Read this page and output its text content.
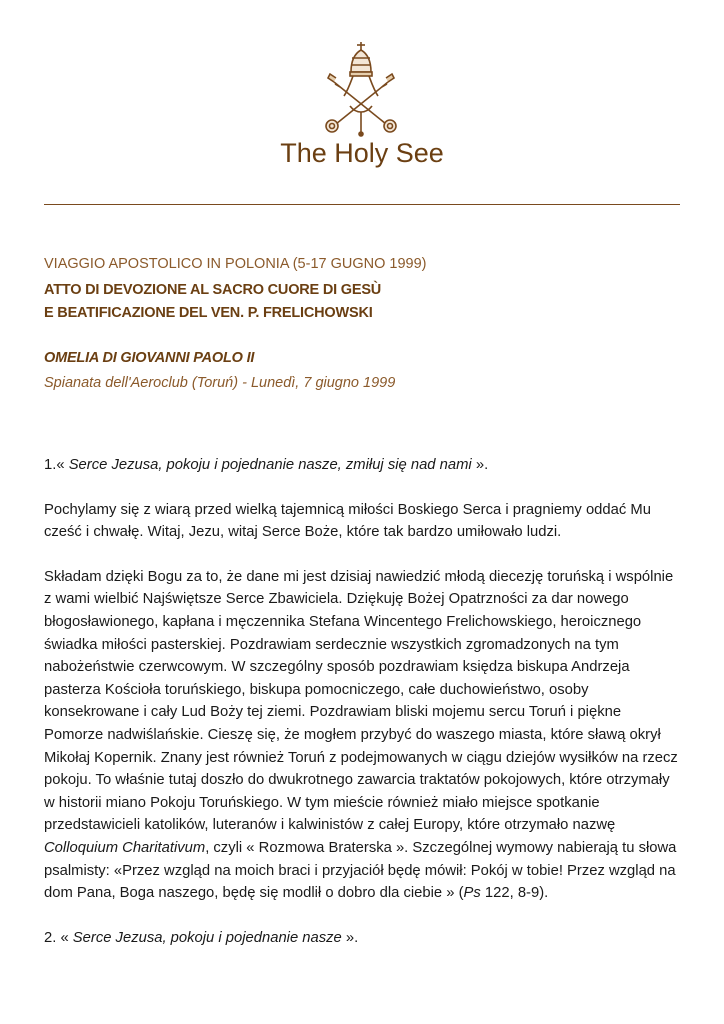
The Holy See

VIAGGIO APOSTOLICO IN POLONIA (5-17 GUGNO 1999)

ATTO DI DEVOZIONE AL SACRO CUORE DI GESÙ
E BEATIFICAZIONE DEL VEN. P. FRELICHOWSKI

OMELIA DI GIOVANNI PAOLO II

Spianata dell'Aeroclub (Toruń) - Lunedì, 7 giugno 1999

1.« Serce Jezusa, pokoju i pojednanie nasze, zmiłuj się nad nami ».

Pochylamy się z wiarą przed wielką tajemnicą miłości Boskiego Serca i pragniemy oddać Mu cześć i chwałę. Witaj, Jezu, witaj Serce Boże, które tak bardzo umiłowało ludzi.

Składam dzięki Bogu za to, że dane mi jest dzisiaj nawiedzić młodą diecezję toruńską i wspólnie z wami wielbić Najświętsze Serce Zbawiciela. Dziękuję Bożej Opatrzności za dar nowego błogosławionego, kapłana i męczennika Stefana Wincentego Frelichowskiego, heroicznego świadka miłości pasterskiej. Pozdrawiam serdecznie wszystkich zgromadzonych na tym nabożeństwie czerwcowym. W szczególny sposób pozdrawiam księdza biskupa Andrzeja pasterza Kościoła toruńskiego, biskupa pomocniczego, całe duchowieństwo, osoby konsekrowane i cały Lud Boży tej ziemi. Pozdrawiam bliski mojemu sercu Toruń i piękne Pomorze nadwiślańskie. Cieszę się, że mogłem przybyć do waszego miasta, które sławą okrył Mikołaj Kopernik. Znany jest również Toruń z podejmowanych w ciągu dziejów wysiłków na rzecz pokoju. To właśnie tutaj doszło do dwukrotnego zawarcia traktatów pokojowych, które otrzymały w historii miano Pokoju Toruńskiego. W tym mieście również miało miejsce spotkanie przedstawicieli katolików, luteranów i kalwinistów z całej Europy, które otrzymało nazwę Colloquium Charitativum, czyli « Rozmowa Braterska ». Szczególnej wymowy nabierają tu słowa psalmisty: «Przez wzgląd na moich braci i przyjaciół będę mówił: Pokój w tobie! Przez wzgląd na dom Pana, Boga naszego, będę się modlił o dobro dla ciebie » (Ps 122, 8-9).

2. « Serce Jezusa, pokoju i pojednanie nasze ».
